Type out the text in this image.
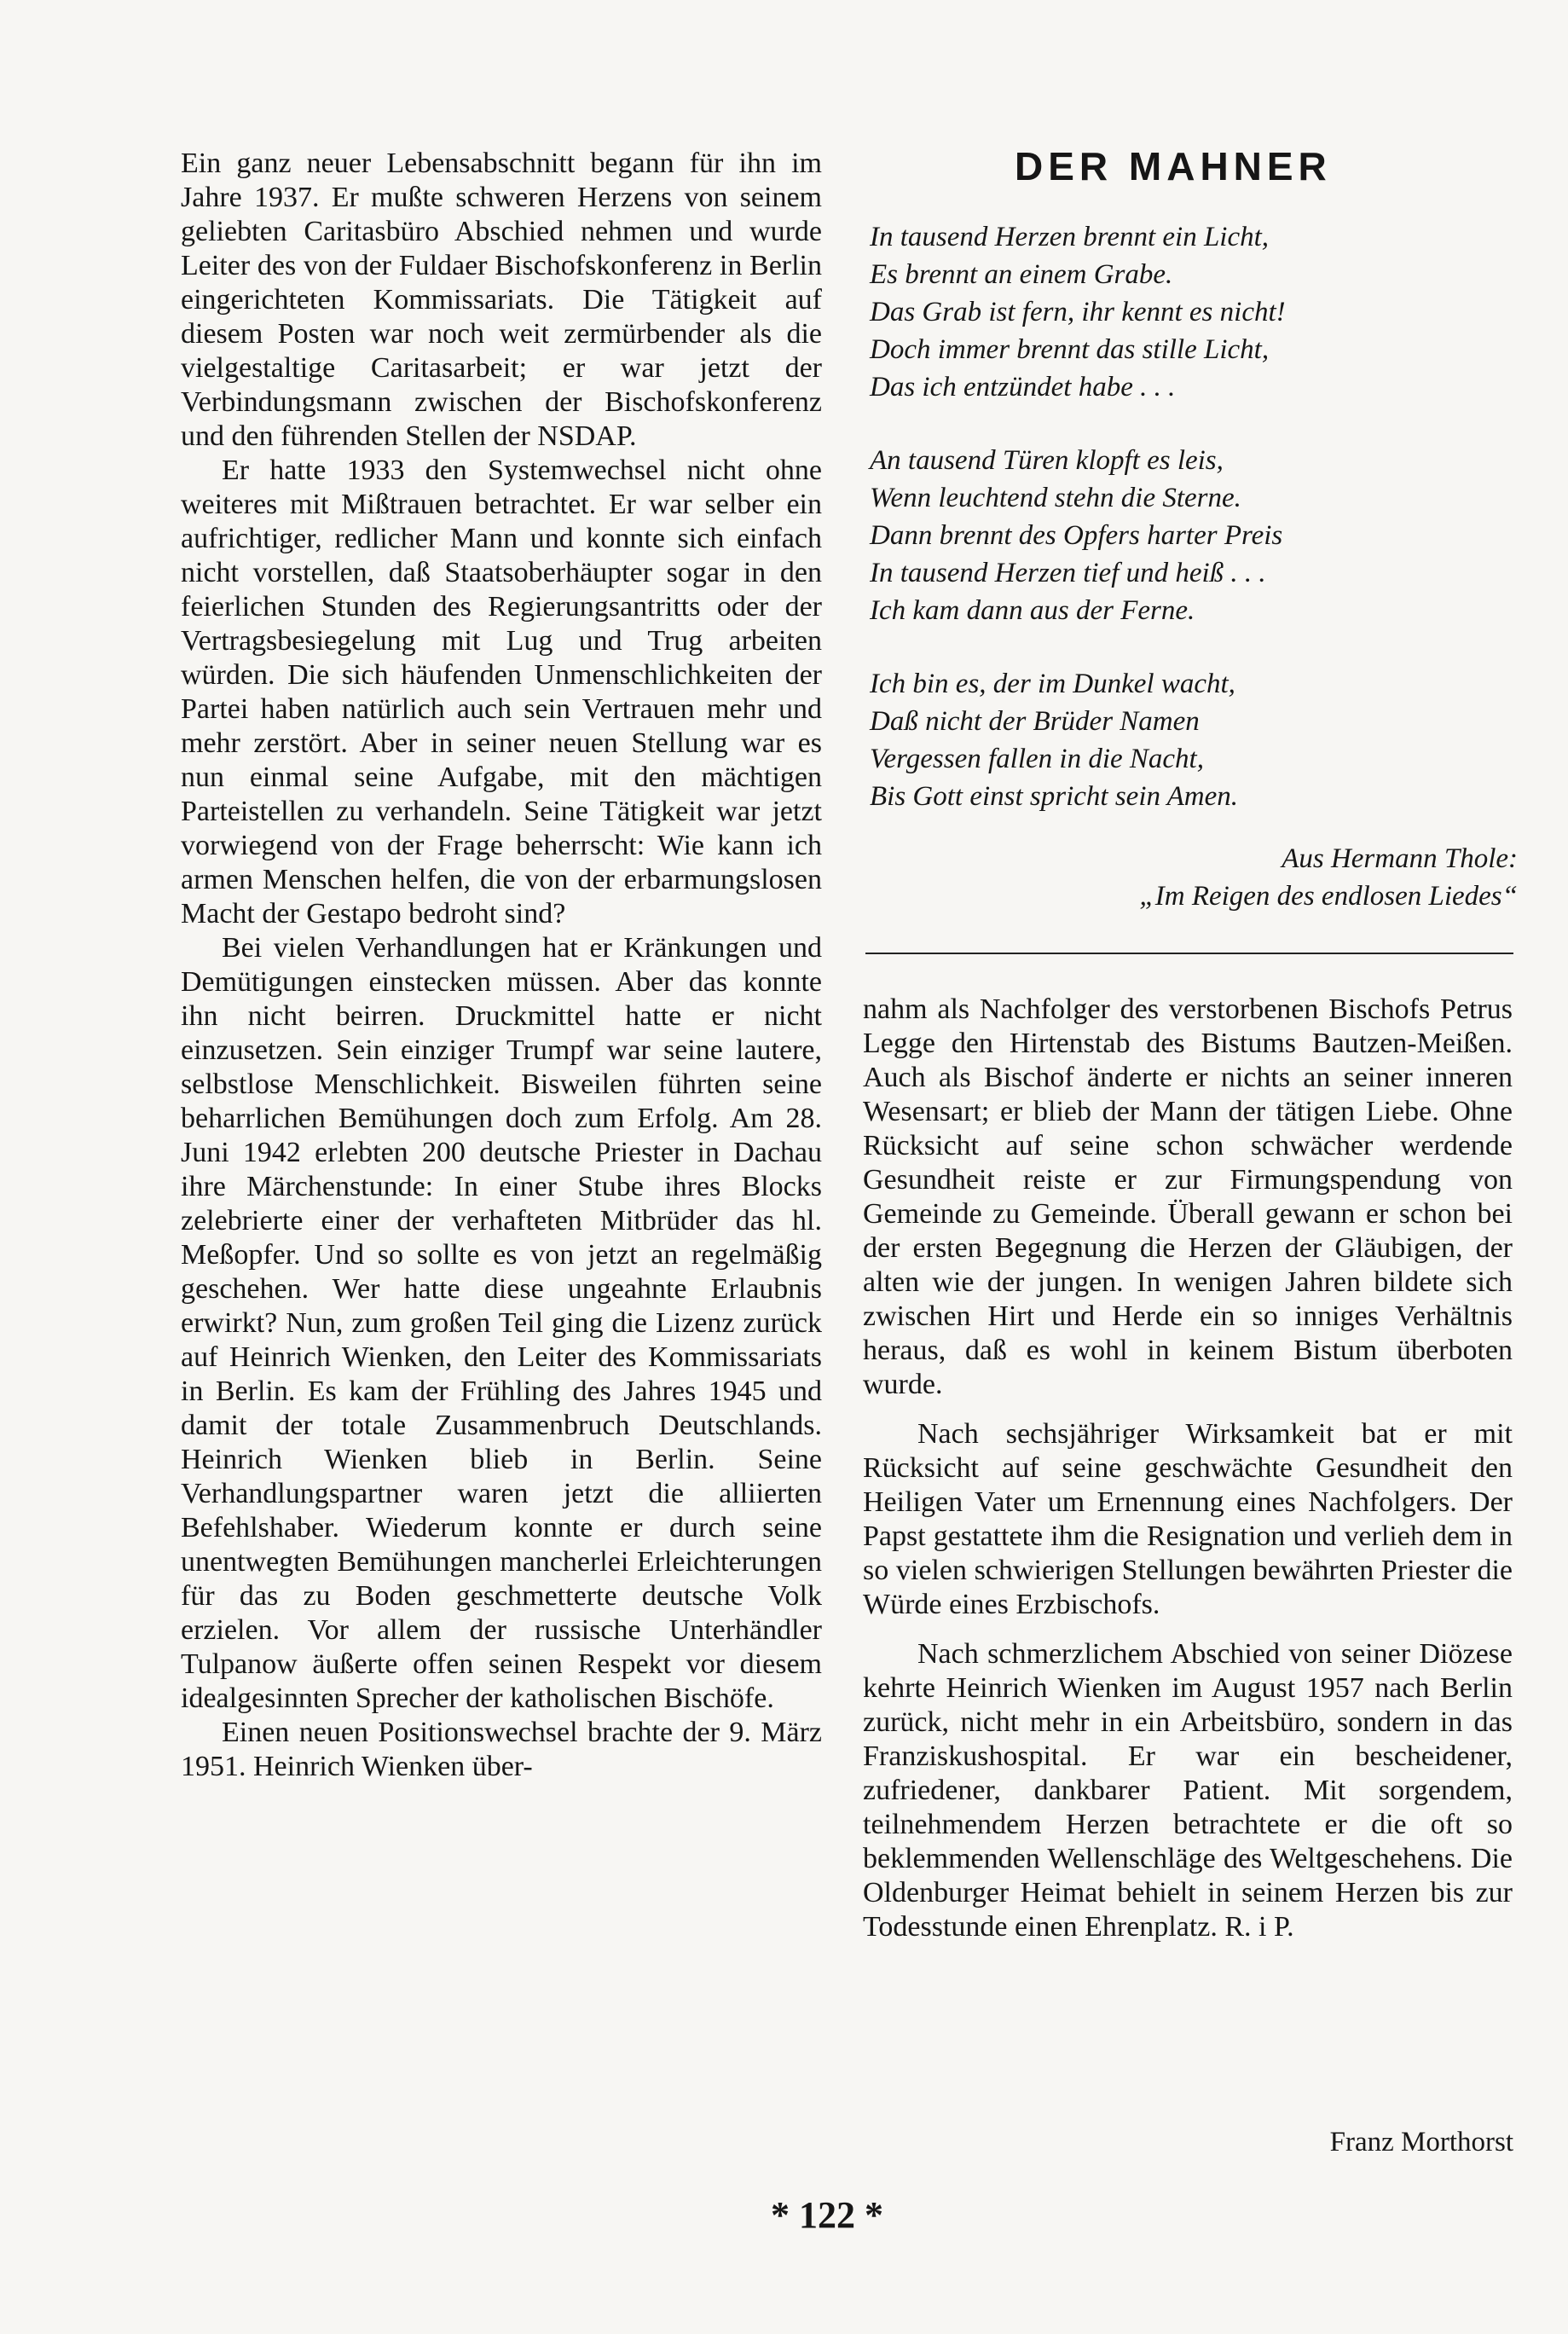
Ein ganz neuer Lebensabschnitt begann für ihn im Jahre 1937. Er mußte schweren Herzens von seinem geliebten Caritasbüro Abschied nehmen und wurde Leiter des von der Fuldaer Bischofskonferenz in Berlin eingerichteten Kommissariats. Die Tätigkeit auf diesem Posten war noch weit zermürbender als die vielgestaltige Caritasarbeit; er war jetzt der Verbindungsmann zwischen der Bischofskonferenz und den führenden Stellen der NSDAP.

Er hatte 1933 den Systemwechsel nicht ohne weiteres mit Mißtrauen betrachtet. Er war selber ein aufrichtiger, redlicher Mann und konnte sich einfach nicht vorstellen, daß Staatsoberhäupter sogar in den feierlichen Stunden des Regierungsantritts oder der Vertragsbesiegelung mit Lug und Trug arbeiten würden. Die sich häufenden Unmenschlichkeiten der Partei haben natürlich auch sein Vertrauen mehr und mehr zerstört. Aber in seiner neuen Stellung war es nun einmal seine Aufgabe, mit den mächtigen Parteistellen zu verhandeln. Seine Tätigkeit war jetzt vorwiegend von der Frage beherrscht: Wie kann ich armen Menschen helfen, die von der erbarmungslosen Macht der Gestapo bedroht sind?

Bei vielen Verhandlungen hat er Kränkungen und Demütigungen einstecken müssen. Aber das konnte ihn nicht beirren. Druckmittel hatte er nicht einzusetzen. Sein einziger Trumpf war seine lautere, selbstlose Menschlichkeit. Bisweilen führten seine beharrlichen Bemühungen doch zum Erfolg. Am 28. Juni 1942 erlebten 200 deutsche Priester in Dachau ihre Märchenstunde: In einer Stube ihres Blocks zelebrierte einer der verhafteten Mitbrüder das hl. Meßopfer. Und so sollte es von jetzt an regelmäßig geschehen. Wer hatte diese ungeahnte Erlaubnis erwirkt? Nun, zum großen Teil ging die Lizenz zurück auf Heinrich Wienken, den Leiter des Kommissariats in Berlin. Es kam der Frühling des Jahres 1945 und damit der totale Zusammenbruch Deutschlands. Heinrich Wienken blieb in Berlin. Seine Verhandlungspartner waren jetzt die alliierten Befehlshaber. Wiederum konnte er durch seine unentwegten Bemühungen mancherlei Erleichterungen für das zu Boden geschmetterte deutsche Volk erzielen. Vor allem der russische Unterhändler Tulpanow äußerte offen seinen Respekt vor diesem idealgesinnten Sprecher der katholischen Bischöfe.

Einen neuen Positionswechsel brachte der 9. März 1951. Heinrich Wienken über-

DER MAHNER
In tausend Herzen brennt ein Licht,
Es brennt an einem Grabe.
Das Grab ist fern, ihr kennt es nicht!
Doch immer brennt das stille Licht,
Das ich entzündet habe . . .
An tausend Türen klopft es leis,
Wenn leuchtend stehn die Sterne.
Dann brennt des Opfers harter Preis
In tausend Herzen tief und heiß . . .
Ich kam dann aus der Ferne.
Ich bin es, der im Dunkel wacht,
Daß nicht der Brüder Namen
Vergessen fallen in die Nacht,
Bis Gott einst spricht sein Amen.
Aus Hermann Thole:
„Im Reigen des endlosen Liedes“

nahm als Nachfolger des verstorbenen Bischofs Petrus Legge den Hirtenstab des Bistums Bautzen-Meißen. Auch als Bischof änderte er nichts an seiner inneren Wesensart; er blieb der Mann der tätigen Liebe. Ohne Rücksicht auf seine schon schwächer werdende Gesundheit reiste er zur Firmungspendung von Gemeinde zu Gemeinde. Überall gewann er schon bei der ersten Begegnung die Herzen der Gläubigen, der alten wie der jungen. In wenigen Jahren bildete sich zwischen Hirt und Herde ein so inniges Verhältnis heraus, daß es wohl in keinem Bistum überboten wurde.

Nach sechsjähriger Wirksamkeit bat er mit Rücksicht auf seine geschwächte Gesundheit den Heiligen Vater um Ernennung eines Nachfolgers. Der Papst gestattete ihm die Resignation und verlieh dem in so vielen schwierigen Stellungen bewährten Priester die Würde eines Erzbischofs.

Nach schmerzlichem Abschied von seiner Diözese kehrte Heinrich Wienken im August 1957 nach Berlin zurück, nicht mehr in ein Arbeitsbüro, sondern in das Franziskushospital. Er war ein bescheidener, zufriedener, dankbarer Patient. Mit sorgendem, teilnehmendem Herzen betrachtete er die oft so beklemmenden Wellenschläge des Weltgeschehens. Die Oldenburger Heimat behielt in seinem Herzen bis zur Todesstunde einen Ehrenplatz. R. i P.

Franz Morthorst
* 122 *
